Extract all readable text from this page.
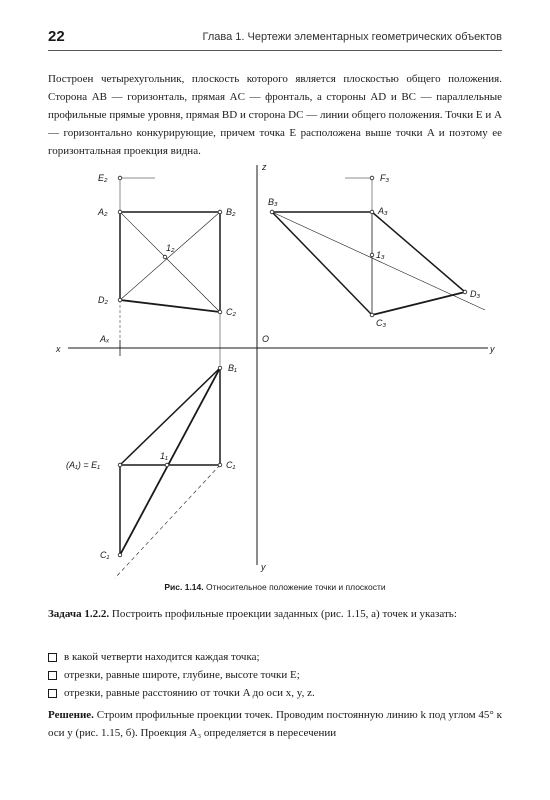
22	Глава 1. Чертежи элементарных геометрических объектов
Построен четырехугольник, плоскость которого является плоскостью общего положения. Сторона AB — горизонталь, прямая AC — фронталь, а стороны AD и BC — параллельные профильные прямые уровня, прямая BD и сторона DC — линии общего положения. Точки E и A — горизонтально конкурирующие, причем точка E расположена выше точки A и поэтому ее горизонтальная проекция видна.
E₂	F₃
z
A₂	B₂
B₃
A₃
1₂
1₃
D₂
C₂
D₃
C₃
Aₓ
x
O
y
B₁
(A₁) = E₁
1₁
C₁
C₁
y
Рис. 1.14. Относительное положение точки и плоскости
Задача 1.2.2. Построить профильные проекции заданных (рис. 1.15, а) точек и указать:
в какой четверти находится каждая точка;
отрезки, равные широте, глубине, высоте точки E;
отрезки, равные расстоянию от точки A до оси x, y, z.
Решение. Строим профильные проекции точек. Проводим постоянную линию k под углом 45° к оси y (рис. 1.15, б). Проекция A₃ определяется в пересечении
